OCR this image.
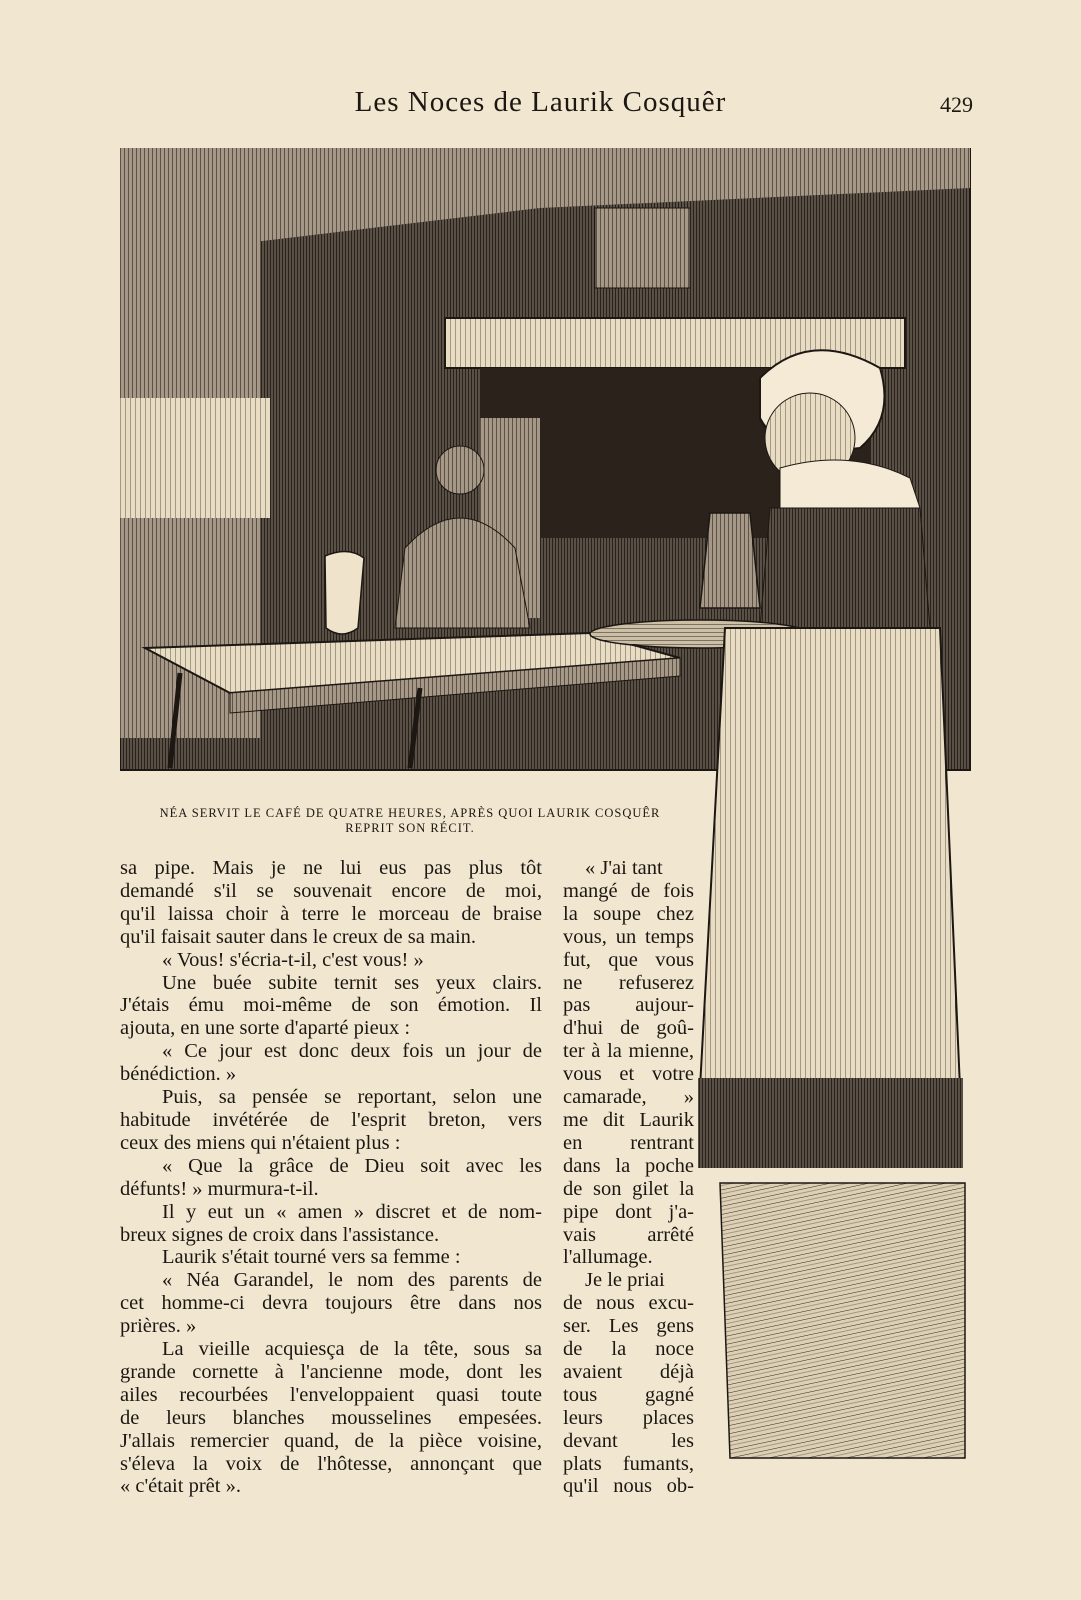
Les Noces de Laurik Cosquêr	429
NÉA SERVIT LE CAFÉ DE QUATRE HEURES, APRÈS QUOI LAURIK COSQUÊR
REPRIT SON RÉCIT.
sa pipe. Mais je ne lui eus pas plus tôt
demandé s'il se souvenait encore de moi,
qu'il laissa choir à terre le morceau de braise
qu'il faisait sauter dans le creux de sa main.
« Vous! s'écria-t-il, c'est vous! »
Une buée subite ternit ses yeux clairs.
J'étais ému moi-même de son émotion. Il
ajouta, en une sorte d'aparté pieux :
« Ce jour est donc deux fois un jour de
bénédiction. »
Puis, sa pensée se reportant, selon une
habitude invétérée de l'esprit breton, vers
ceux des miens qui n'étaient plus :
« Que la grâce de Dieu soit avec les
défunts! » murmura-t-il.
Il y eut un « amen » discret et de nom-
breux signes de croix dans l'assistance.
Laurik s'était tourné vers sa femme :
« Néa Garandel, le nom des parents de
cet homme-ci devra toujours être dans nos
prières. »
La vieille acquiesça de la tête, sous sa
grande cornette à l'ancienne mode, dont les
ailes recourbées l'enveloppaient quasi toute
de leurs blanches mousselines empesées.
J'allais remercier quand, de la pièce voisine,
s'éleva la voix de l'hôtesse, annonçant que
« c'était prêt ».
« J'ai tant
mangé de fois
la soupe chez
vous, un temps
fut, que vous
ne refuserez
pas aujour-
d'hui de goû-
ter à la mienne,
vous et votre
camarade, »
me dit Laurik
en rentrant
dans la poche
de son gilet la
pipe dont j'a-
vais arrêté
l'allumage.
Je le priai
de nous excu-
ser. Les gens
de la noce
avaient déjà
tous gagné
leurs places
devant les
plats fumants,
qu'il nous ob-
